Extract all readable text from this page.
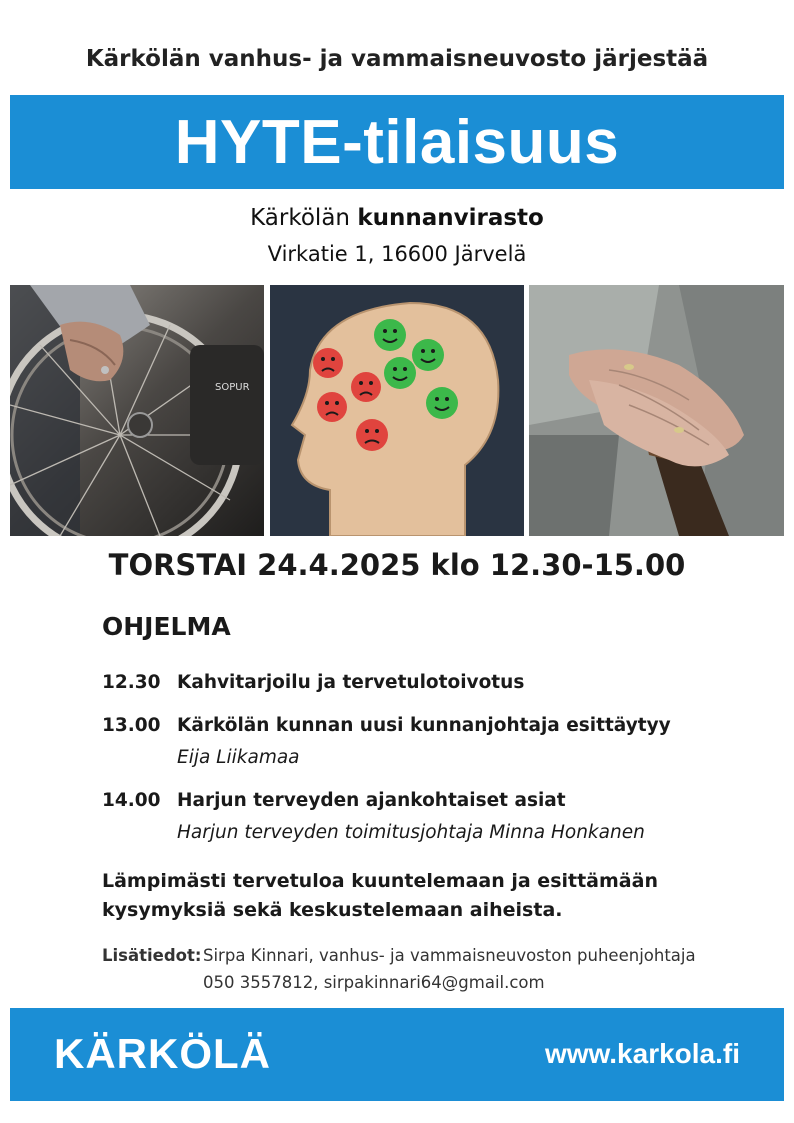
Kärkölän vanhus- ja vammaisneuvosto järjestää
HYTE-tilaisuus
Kärkölän kunnanvirasto
Virkatie 1, 16600 Järvelä
SOPUR
TORSTAI 24.4.2025 klo 12.30-15.00
OHJELMA
12.30 Kahvitarjoilu ja tervetulotoivotus
13.00 Kärkölän kunnan uusi kunnanjohtaja esittäytyy
Eija Liikamaa
14.00 Harjun terveyden ajankohtaiset asiat
Harjun terveyden toimitusjohtaja Minna Honkanen
Lämpimästi tervetuloa kuuntelemaan ja esittämään
kysymyksiä sekä keskustelemaan aiheista.
Lisätiedot: Sirpa Kinnari, vanhus- ja vammaisneuvoston puheenjohtaja
050 3557812, sirpakinnari64@gmail.com
KÄRKÖLÄ	www.karkola.fi
